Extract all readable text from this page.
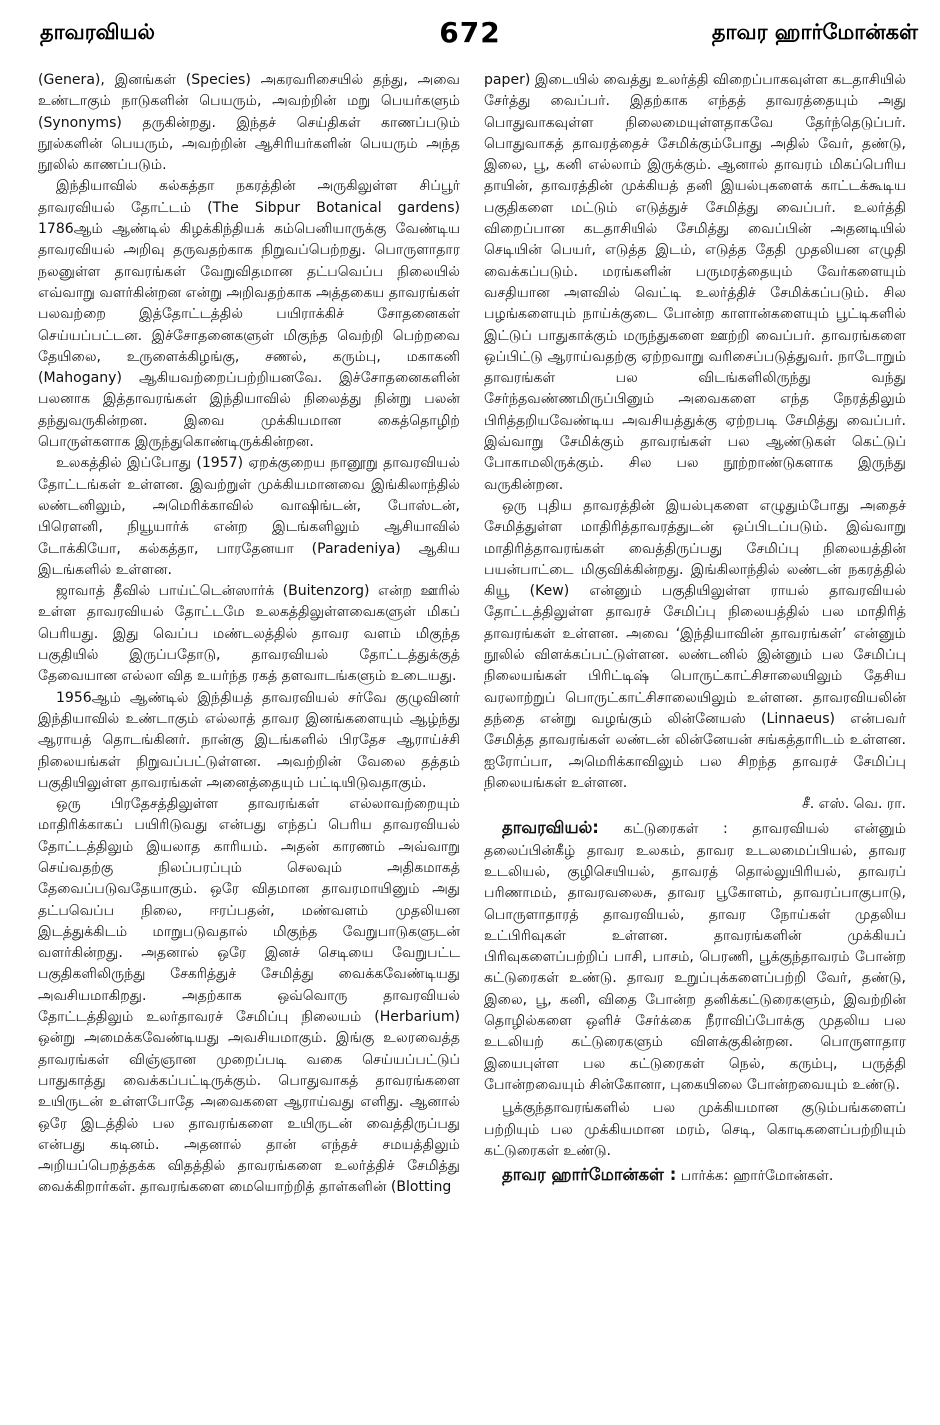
தாவரவியல்	672	தாவர ஹார்மோன்கள்

(Genera), இனங்கள் (Species) அகரவரிசையில் தந்து, அவை உண்டாகும் நாடுகளின் பெயரும், அவற்றின் மறு பெயர்களும் (Synonyms) தருகின்றது. இந்தச் செய்திகள் காணப்படும் நூல்களின் பெயரும், அவற்றின் ஆசிரியர்களின் பெயரும் அந்த நூலில் காணப்படும்.

இந்தியாவில் கல்கத்தா நகரத்தின் அருகிலுள்ள சிப்பூர் தாவரவியல் தோட்டம் (The Sibpur Botanical gardens) 1786ஆம் ஆண்டில் கிழக்கிந்தியக் கம்பெனியாருக்கு வேண்டிய தாவரவியல் அறிவு தருவதற்காக நிறுவப்பெற்றது. பொருளாதார நலனுள்ள தாவரங்கள் வேறுவிதமான தட்பவெப்ப நிலையில் எவ்வாறு வளர்கின்றன என்று அறிவதற்காக அத்தகைய தாவரங்கள் பலவற்றை இத்தோட்டத்தில் பயிராக்கிச் சோதனைகள் செய்யப்பட்டன. இச்சோதனைகளுள் மிகுந்த வெற்றி பெற்றவை தேயிலை, உருளைக்கிழங்கு, சணல், கரும்பு, மகாகனி (Mahogany) ஆகியவற்றைப்பற்றியனவே. இச்சோதனைகளின் பலனாக இத்தாவரங்கள் இந்தியாவில் நிலைத்து நின்று பலன் தந்துவருகின்றன. இவை முக்கியமான கைத்தொழிற் பொருள்களாக இருந்துகொண்டிருக்கின்றன.

உலகத்தில் இப்போது (1957) ஏறக்குறைய நானூறு தாவரவியல் தோட்டங்கள் உள்ளன. இவற்றுள் முக்கியமானவை இங்கிலாந்தில் லண்டனிலும், அமெரிக்காவில் வாஷிங்டன், போஸ்டன், பிரௌனி, நியூயார்க் என்ற இடங்களிலும் ஆசியாவில் டோக்கியோ, கல்கத்தா, பாரதேனயா (Paradeniya) ஆகிய இடங்களில் உள்ளன.

ஜாவாத் தீவில் பாய்ட்டென்ஸார்க் (Buitenzorg) என்ற ஊரில் உள்ள தாவரவியல் தோட்டமே உலகத்திலுள்ளவைகளுள் மிகப் பெரியது. இது வெப்ப மண்டலத்தில் தாவர வளம் மிகுந்த பகுதியில் இருப்பதோடு, தாவரவியல் தோட்டத்துக்குத் தேவையான எல்லா வித உயர்ந்த ரகத் தளவாடங்களும் உடையது.

1956ஆம் ஆண்டில் இந்தியத் தாவரவியல் சர்வே குழுவினர் இந்தியாவில் உண்டாகும் எல்லாத் தாவர இனங்களையும் ஆழ்ந்து ஆராயத் தொடங்கினர். நான்கு இடங்களில் பிரதேச ஆராய்ச்சி நிலையங்கள் நிறுவப்பட்டுள்ளன. அவற்றின் வேலை தத்தம் பகுதியிலுள்ள தாவரங்கள் அனைத்தையும் பட்டியிடுவதாகும்.

ஒரு பிரதேசத்திலுள்ள தாவரங்கள் எல்லாவற்றையும் மாதிரிக்காகப் பயிரிடுவது என்பது எந்தப் பெரிய தாவரவியல் தோட்டத்திலும் இயலாத காரியம். அதன் காரணம் அவ்வாறு செய்வதற்கு நிலப்பரப்பும் செலவும் அதிகமாகத் தேவைப்படுவதேயாகும். ஒரே விதமான தாவரமாயினும் அது தட்பவெப்ப நிலை, ஈரப்பதன், மண்வளம் முதலியன இடத்துக்கிடம் மாறுபடுவதால் மிகுந்த வேறுபாடுகளுடன் வளர்கின்றது. அதனால் ஒரே இனச் செடியை வேறுபட்ட பகுதிகளிலிருந்து சேகரித்துச் சேமித்து வைக்கவேண்டியது அவசியமாகிறது. அதற்காக ஒவ்வொரு தாவரவியல் தோட்டத்திலும் உலர்தாவரச் சேமிப்பு நிலையம் (Herbarium) ஒன்று அமைக்கவேண்டியது அவசியமாகும். இங்கு உலரவைத்த தாவரங்கள் விஞ்ஞான முறைப்படி வகை செய்யப்பட்டுப் பாதுகாத்து வைக்கப்பட்டிருக்கும். பொதுவாகத் தாவரங்களை உயிருடன் உள்ளபோதே அவைகளை ஆராய்வது எளிது. ஆனால் ஒரே இடத்தில் பல தாவரங்களை உயிருடன் வைத்திருப்பது என்பது கடினம். அதனால் தான் எந்தச் சமயத்திலும் அறியப்பெறத்தக்க விதத்தில் தாவரங்களை உலர்த்திச் சேமித்து வைக்கிறார்கள். தாவரங்களை மையொற்றித் தாள்களின் (Blotting

paper) இடையில் வைத்து உலர்த்தி விறைப்பாகவுள்ள கடதாசியில் சேர்த்து வைப்பர். இதற்காக எந்தத் தாவரத்தையும் அது பொதுவாகவுள்ள நிலைமையுள்ளதாகவே தேர்ந்தெடுப்பர். பொதுவாகத் தாவரத்தைச் சேமிக்கும்போது அதில் வேர், தண்டு, இலை, பூ, கனி எல்லாம் இருக்கும். ஆனால் தாவரம் மிகப்பெரிய தாயின், தாவரத்தின் முக்கியத் தனி இயல்புகளைக் காட்டக்கூடிய பகுதிகளை மட்டும் எடுத்துச் சேமித்து வைப்பர். உலர்த்தி விறைப்பான கடதாசியில் சேமித்து வைப்பின் அதனடியில் செடியின் பெயர், எடுத்த இடம், எடுத்த தேதி முதலியன எழுதி வைக்கப்படும். மரங்களின் பருமரத்தையும் வேர்களையும் வசதியான அளவில் வெட்டி உலர்த்திச் சேமிக்கப்படும். சில பழங்களையும் நாய்க்குடை போன்ற காளான்களையும் பூட்டிகளில் இட்டுப் பாதுகாக்கும் மருந்துகளை ஊற்றி வைப்பர். தாவரங்களை ஒப்பிட்டு ஆராய்வதற்கு ஏற்றவாறு வரிசைப்படுத்துவர். நாடோறும் தாவரங்கள் பல விடங்களிலிருந்து வந்து சேர்ந்தவண்ணமிருப்பினும் அவைகளை எந்த நேரத்திலும் பிரித்தறியவேண்டிய அவசியத்துக்கு ஏற்றபடி சேமித்து வைப்பர். இவ்வாறு சேமிக்கும் தாவரங்கள் பல ஆண்டுகள் கெட்டுப் போகாமலிருக்கும். சில பல நூற்றாண்டுகளாக இருந்து வருகின்றன.

ஒரு புதிய தாவரத்தின் இயல்புகளை எழுதும்போது அதைச் சேமித்துள்ள மாதிரித்தாவரத்துடன் ஒப்பிடப்படும். இவ்வாறு மாதிரித்தாவரங்கள் வைத்திருப்பது சேமிப்பு நிலையத்தின் பயன்பாட்டை மிகுவிக்கின்றது. இங்கிலாந்தில் லண்டன் நகரத்தில் கியூ (Kew) என்னும் பகுதியிலுள்ள ராயல் தாவரவியல் தோட்டத்திலுள்ள தாவரச் சேமிப்பு நிலையத்தில் பல மாதிரித் தாவரங்கள் உள்ளன. அவை ‘இந்தியாவின் தாவரங்கள்’ என்னும் நூலில் விளக்கப்பட்டுள்ளன. லண்டனில் இன்னும் பல சேமிப்பு நிலையங்கள் பிரிட்டிஷ் பொருட்காட்சிசாலையிலும் தேசிய வரலாற்றுப் பொருட்காட்சிசாலையிலும் உள்ளன. தாவரவியலின் தந்தை என்று வழங்கும் லின்னேயஸ் (Linnaeus) என்பவர் சேமித்த தாவரங்கள் லண்டன் லின்னேயன் சங்கத்தாரிடம் உள்ளன. ஐரோப்பா, அமெரிக்காவிலும் பல சிறந்த தாவரச் சேமிப்பு நிலையங்கள் உள்ளன.

சீ. எஸ். வெ. ரா.

தாவரவியல்: கட்டுரைகள் : தாவரவியல் என்னும் தலைப்பின்கீழ் தாவர உலகம், தாவர உடலமைப்பியல், தாவர உடலியல், குழிசெயியல், தாவரத் தொல்லுயிரியல், தாவரப் பரிணாமம், தாவரவலைசு, தாவர பூகோளம், தாவரப்பாகுபாடு, பொருளாதாரத் தாவரவியல், தாவர நோய்கள் முதலிய உட்பிரிவுகள் உள்ளன. தாவரங்களின் முக்கியப் பிரிவுகளைப்பற்றிப் பாசி, பாசம், பெரணி, பூக்குந்தாவரம் போன்ற கட்டுரைகள் உண்டு. தாவர உறுப்புக்களைப்பற்றி வேர், தண்டு, இலை, பூ, கனி, விதை போன்ற தனிக்கட்டுரைகளும், இவற்றின் தொழில்களை ஒளிச் சேர்க்கை நீராவிப்போக்கு முதலிய பல உடலியற் கட்டுரைகளும் விளக்குகின்றன. பொருளாதார இயைபுள்ள பல கட்டுரைகள் நெல், கரும்பு, பருத்தி போன்றவையும் சின்கோனா, புகையிலை போன்றவையும் உண்டு.

பூக்குந்தாவரங்களில் பல முக்கியமான குடும்பங்களைப் பற்றியும் பல முக்கியமான மரம், செடி, கொடிகளைப்பற்றியும் கட்டுரைகள் உண்டு.

தாவர ஹார்மோன்கள் : பார்க்க: ஹார்மோன்கள்.
